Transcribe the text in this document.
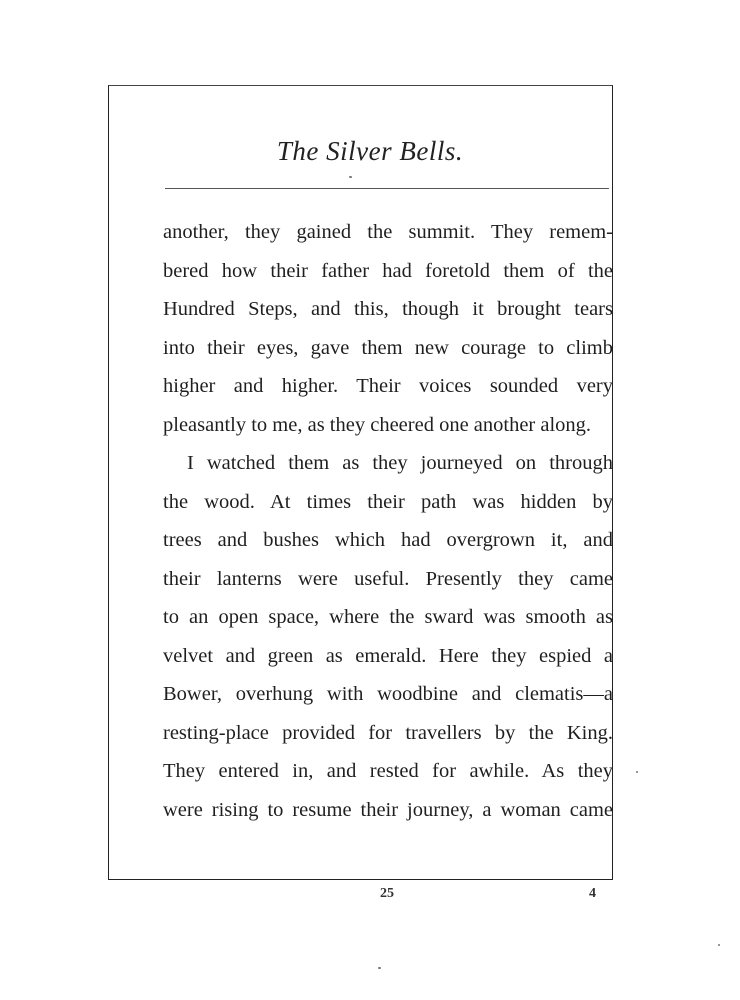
The Silver Bells.
another, they gained the summit. They remem-
bered how their father had foretold them of the
Hundred Steps, and this, though it brought tears
into their eyes, gave them new courage to climb
higher and higher. Their voices sounded very
pleasantly to me, as they cheered one another along.
I watched them as they journeyed on through
the wood. At times their path was hidden by
trees and bushes which had overgrown it, and
their lanterns were useful. Presently they came
to an open space, where the sward was smooth as
velvet and green as emerald. Here they espied a
Bower, overhung with woodbine and clematis—a
resting-place provided for travellers by the King.
They entered in, and rested for awhile. As they
were rising to resume their journey, a woman came
25	4
